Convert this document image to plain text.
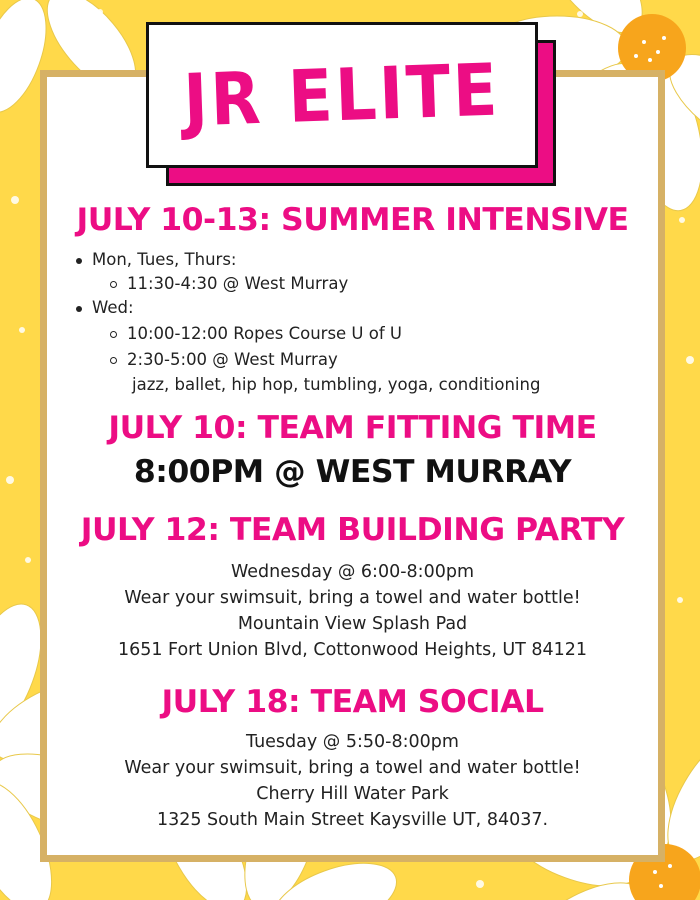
JR ELITE
JULY 10-13: SUMMER INTENSIVE
Mon, Tues, Thurs:
11:30-4:30 @ West Murray
Wed:
10:00-12:00 Ropes Course U of U
2:30-5:00 @ West Murray
jazz, ballet, hip hop, tumbling, yoga, conditioning
JULY 10: TEAM FITTING TIME
8:00PM @ WEST MURRAY
JULY 12: TEAM BUILDING PARTY
Wednesday @ 6:00-8:00pm
Wear your swimsuit, bring a towel and water bottle!
Mountain View Splash Pad
1651 Fort Union Blvd, Cottonwood Heights, UT 84121
JULY 18: TEAM SOCIAL
Tuesday @ 5:50-8:00pm
Wear your swimsuit, bring a towel and water bottle!
Cherry Hill Water Park
1325 South Main Street Kaysville UT, 84037.
